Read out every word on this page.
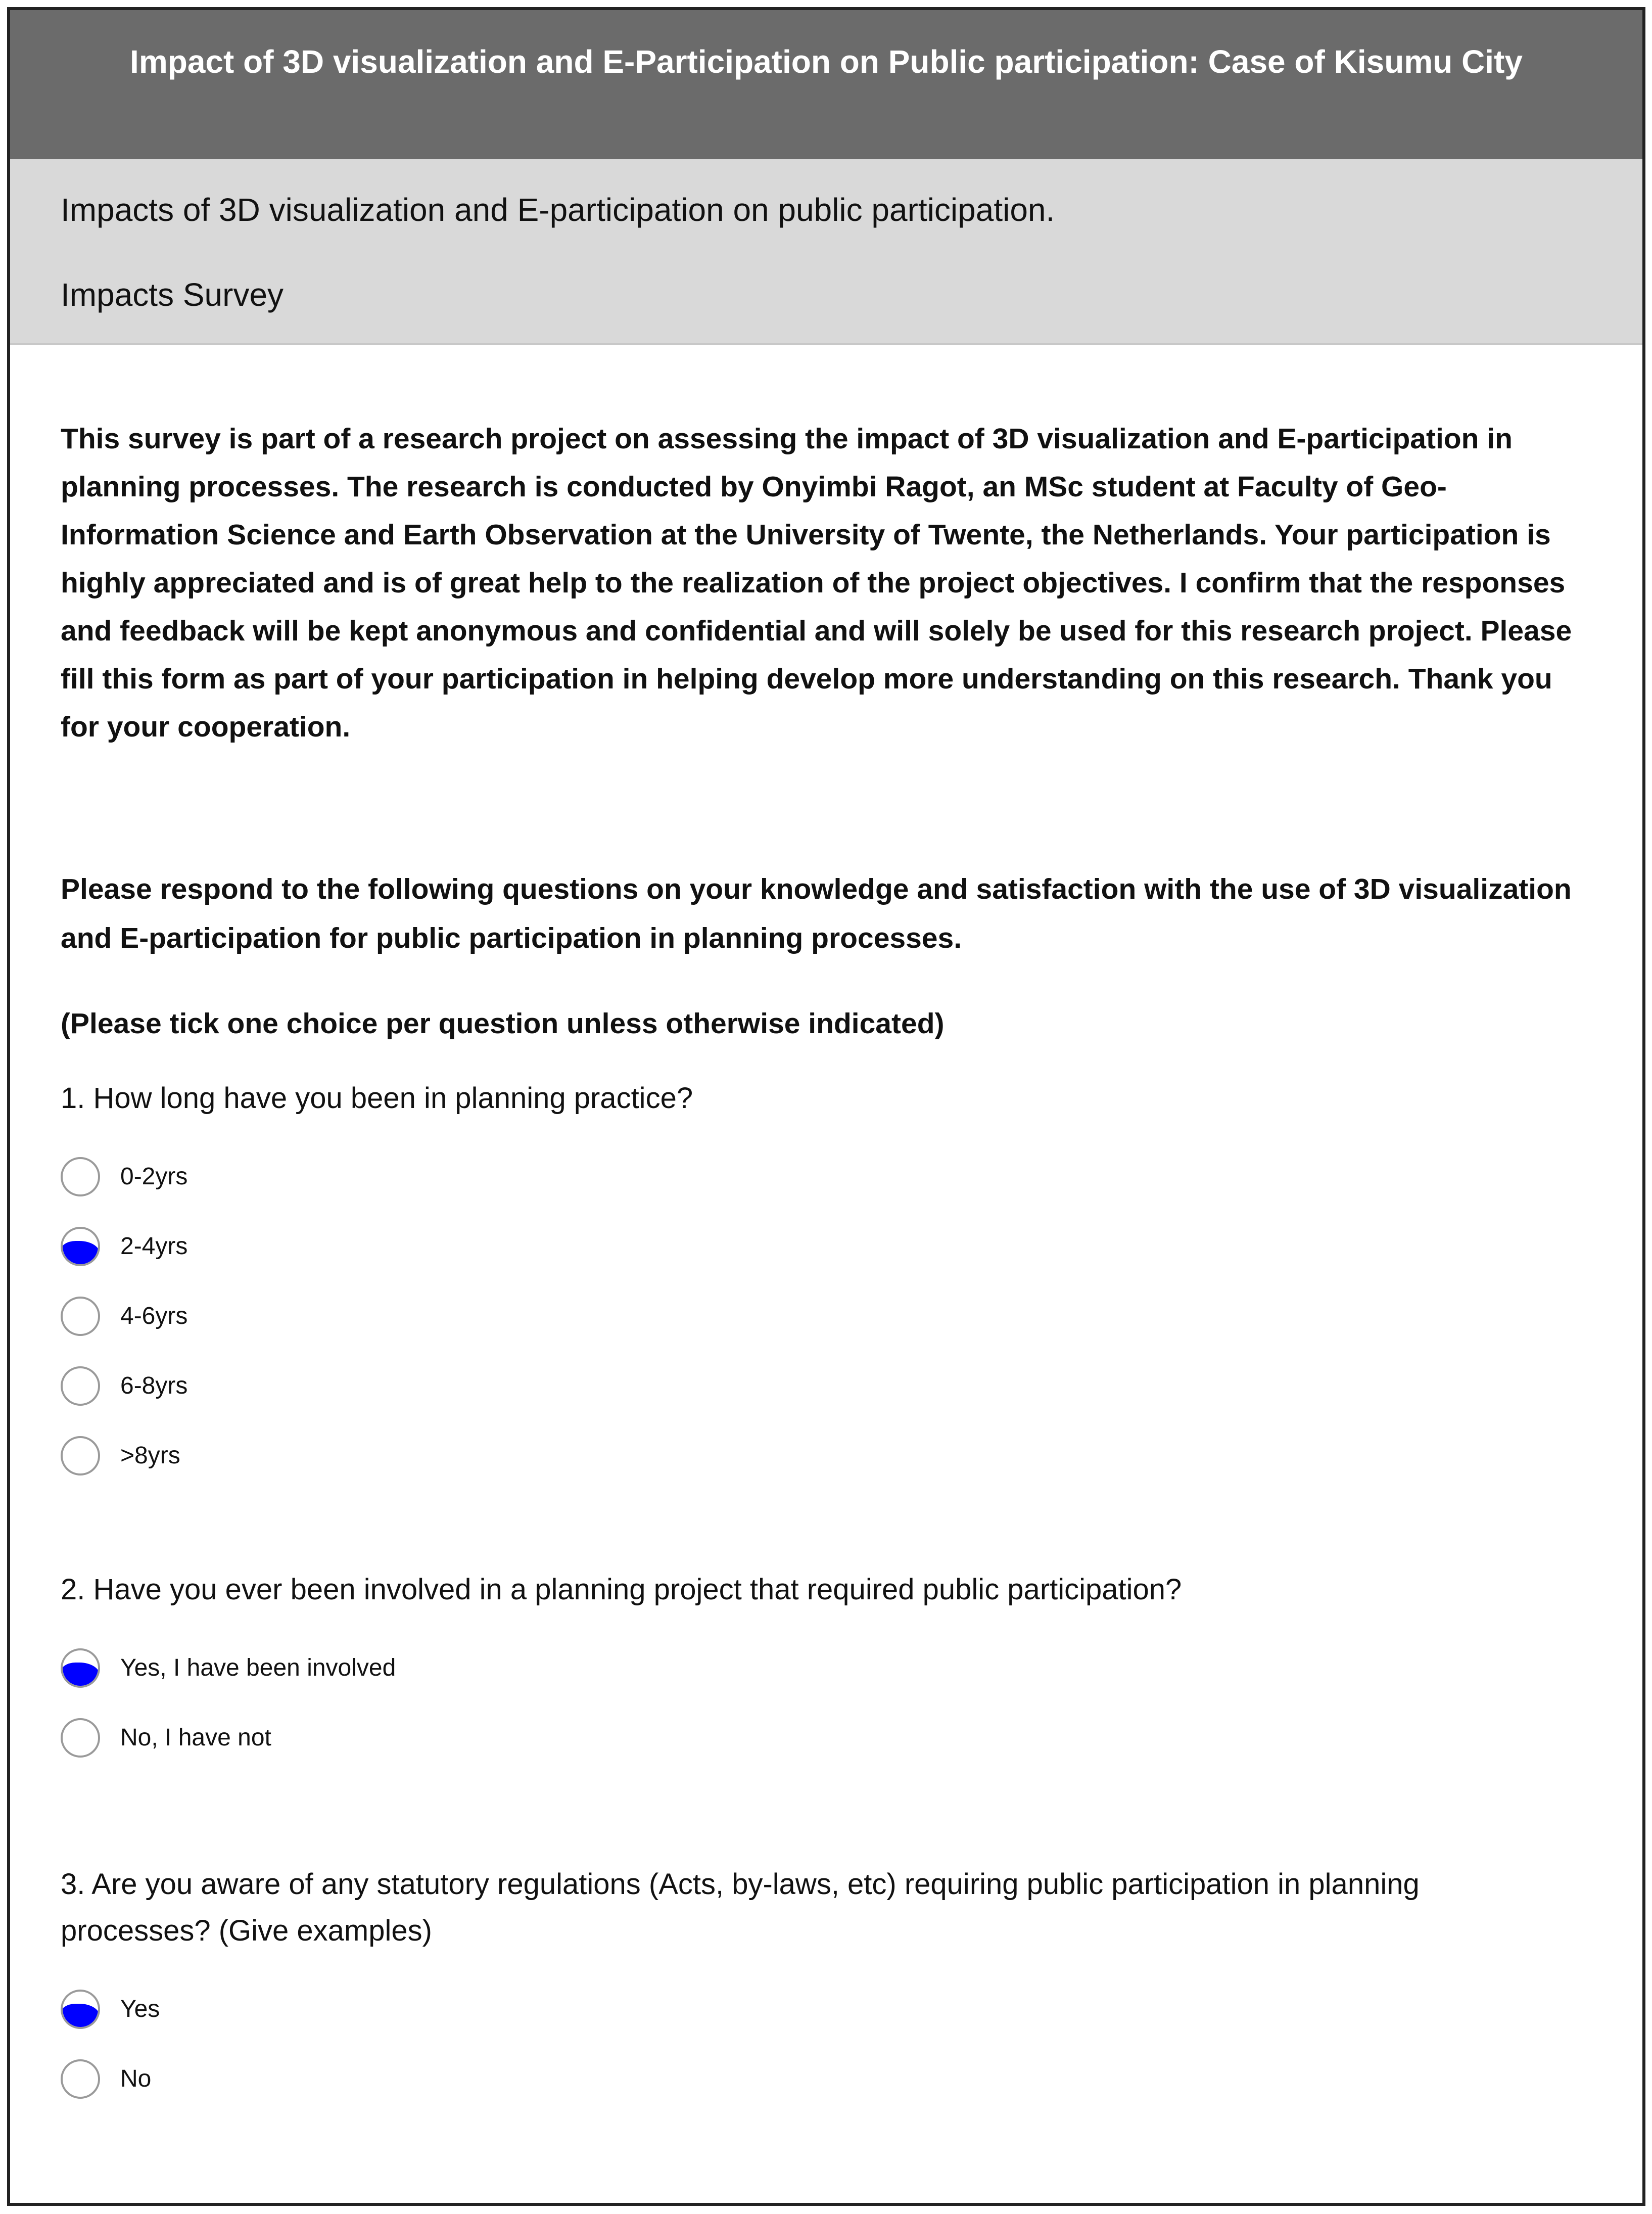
Impact of 3D visualization and E-Participation on Public participation: Case of Kisumu City
Impacts of 3D visualization and E-participation on public participation.
Impacts Survey

This survey is part of a research project on assessing the impact of 3D visualization and E-participation in planning processes. The research is conducted by Onyimbi Ragot, an MSc student at Faculty of Geo-Information Science and Earth Observation at the University of Twente, the Netherlands. Your participation is highly appreciated and is of great help to the realization of the project objectives. I confirm that the responses and feedback will be kept anonymous and confidential and will solely be used for this research project. Please fill this form as part of your participation in helping develop more understanding on this research. Thank you for your cooperation.

Please respond to the following questions on your knowledge and satisfaction with the use of 3D visualization and E-participation for public participation in planning processes.

(Please tick one choice per question unless otherwise indicated)

1. How long have you been in planning practice?

0-2yrs
2-4yrs
4-6yrs
6-8yrs
>8yrs

2. Have you ever been involved in a planning project that required public participation?

Yes, I have been involved
No, I have not

3. Are you aware of any statutory regulations (Acts, by-laws, etc) requiring public participation in planning processes? (Give examples)

Yes
No
